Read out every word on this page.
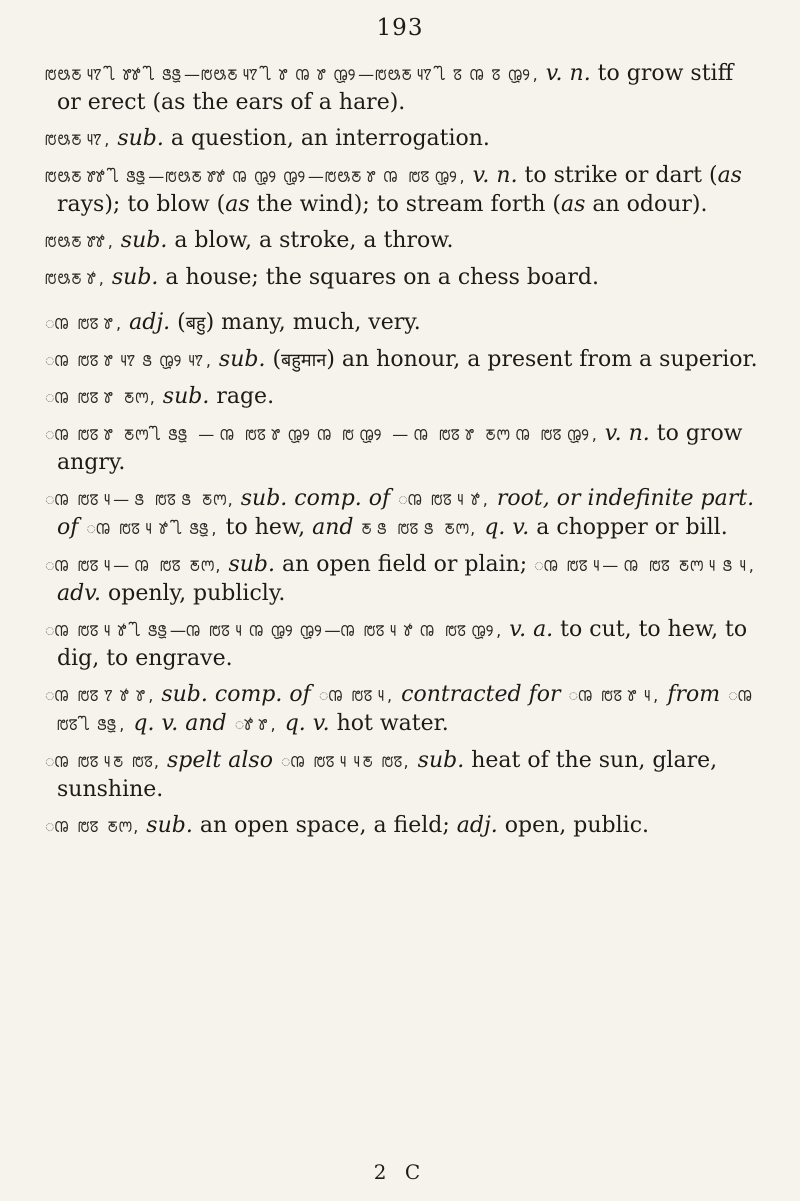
193

ꢱꢰꢲ ꢴꢵ ꢶꢷ ꢸꢹ ꢶꢷ ꢺꢻ—ꢱꢰꢲ ꢴꢵ ꢶꢷ ꢸ ꢼ ꢸ ꢽꢾ—ꢱꢰꢲ ꢴꢵ ꢶꢷ ꢿ ꢼ ꢿ ꢽꢾ, v. n. to grow stiff or erect (as the ears of a hare).

ꢱꢰꢲ ꢴꢵ, sub. a question, an interrogation.

ꢱꢰꢲ ꢸꢹ ꢶꢷ ꢺꢻ—ꢱꢰꢲ ꢸꢹ ꢼ ꢽꢾ ꢽꢾ—ꢱꢰꢲ ꢸ ꢼ ꢱꢿ ꢽꢾ, v. n. to strike or dart (as rays); to blow (as the wind); to stream forth (as an odour).

ꢱꢰꢲ ꢸꢹ, sub. a blow, a stroke, a throw.

ꢱꢰꢲ ꢹ, sub. a house; the squares on a chess board.

ꢼ ꢱꢿ ꢸ, adj. (बहु) many, much, very.

ꢼ ꢱꢿ ꢸ ꢴꢵ ꢺ ꢽꢾ ꢴꢵ, sub. (बहुमान) an honour, a present from a superior.

ꢼ ꢱꢿ ꢸ ꢲꢳ, sub. rage.

ꢼ ꢱꢿ ꢸ ꢲꢳ ꢶꢷ ꢺꢻ — ꢼ ꢱꢿ ꢸ ꢽꢾ ꢼ ꢱ ꢽꢾ — ꢼ ꢱꢿ ꢸ ꢲꢳ ꢼ ꢱꢿ ꢽꢾ, v. n. to grow angry.

ꢼ ꢱꢿ ꢴ— ꢺ ꢱꢿ ꢺ ꢲꢳ, sub. comp. of ꢼ ꢱꢿ ꢴ ꢹ, root, or indefinite part. of ꢼ ꢱꢿ ꢴ ꢹ ꢶꢷ ꢺꢻ, to hew, and ꢲ ꢺ ꢱꢿ ꢺ ꢲꢳ, q. v. a chopper or bill.

ꢼ ꢱꢿ ꢴ— ꢼ ꢱꢿ ꢲꢳ, sub. an open field or plain; ꢼ ꢱꢿ ꢴ— ꢼ ꢱꢿ ꢲꢳ ꢴ ꢺ ꢴ, adv. openly, publicly.

ꢼ ꢱꢿ ꢴ ꢹ ꢶꢷ ꢺꢻ—ꢼ ꢱꢿ ꢴ ꢼ ꢽꢾ ꢽꢾ—ꢼ ꢱꢿ ꢴ ꢹ ꢼ ꢱꢿ ꢽꢾ, v. a. to cut, to hew, to dig, to engrave.

ꢼ ꢱꢿ ꢵ ꢹ ꢸ, sub. comp. of ꢼ ꢱꢿ ꢴ, contracted for ꢼ ꢱꢿ ꢸ ꢴ, from ꢼ ꢱꢿ ꢶꢷ ꢺꢻ, q. v. and ꢹ ꢸ, q. v. hot water.

ꢼ ꢱꢿ ꢴꢲ ꢱꢿ, spelt also ꢼ ꢱꢿ ꢴ ꢴꢲ ꢱꢿ, sub. heat of the sun, glare, sunshine.

ꢼ ꢱꢿ ꢲꢳ, sub. an open space, a field; adj. open, public.

2 C
